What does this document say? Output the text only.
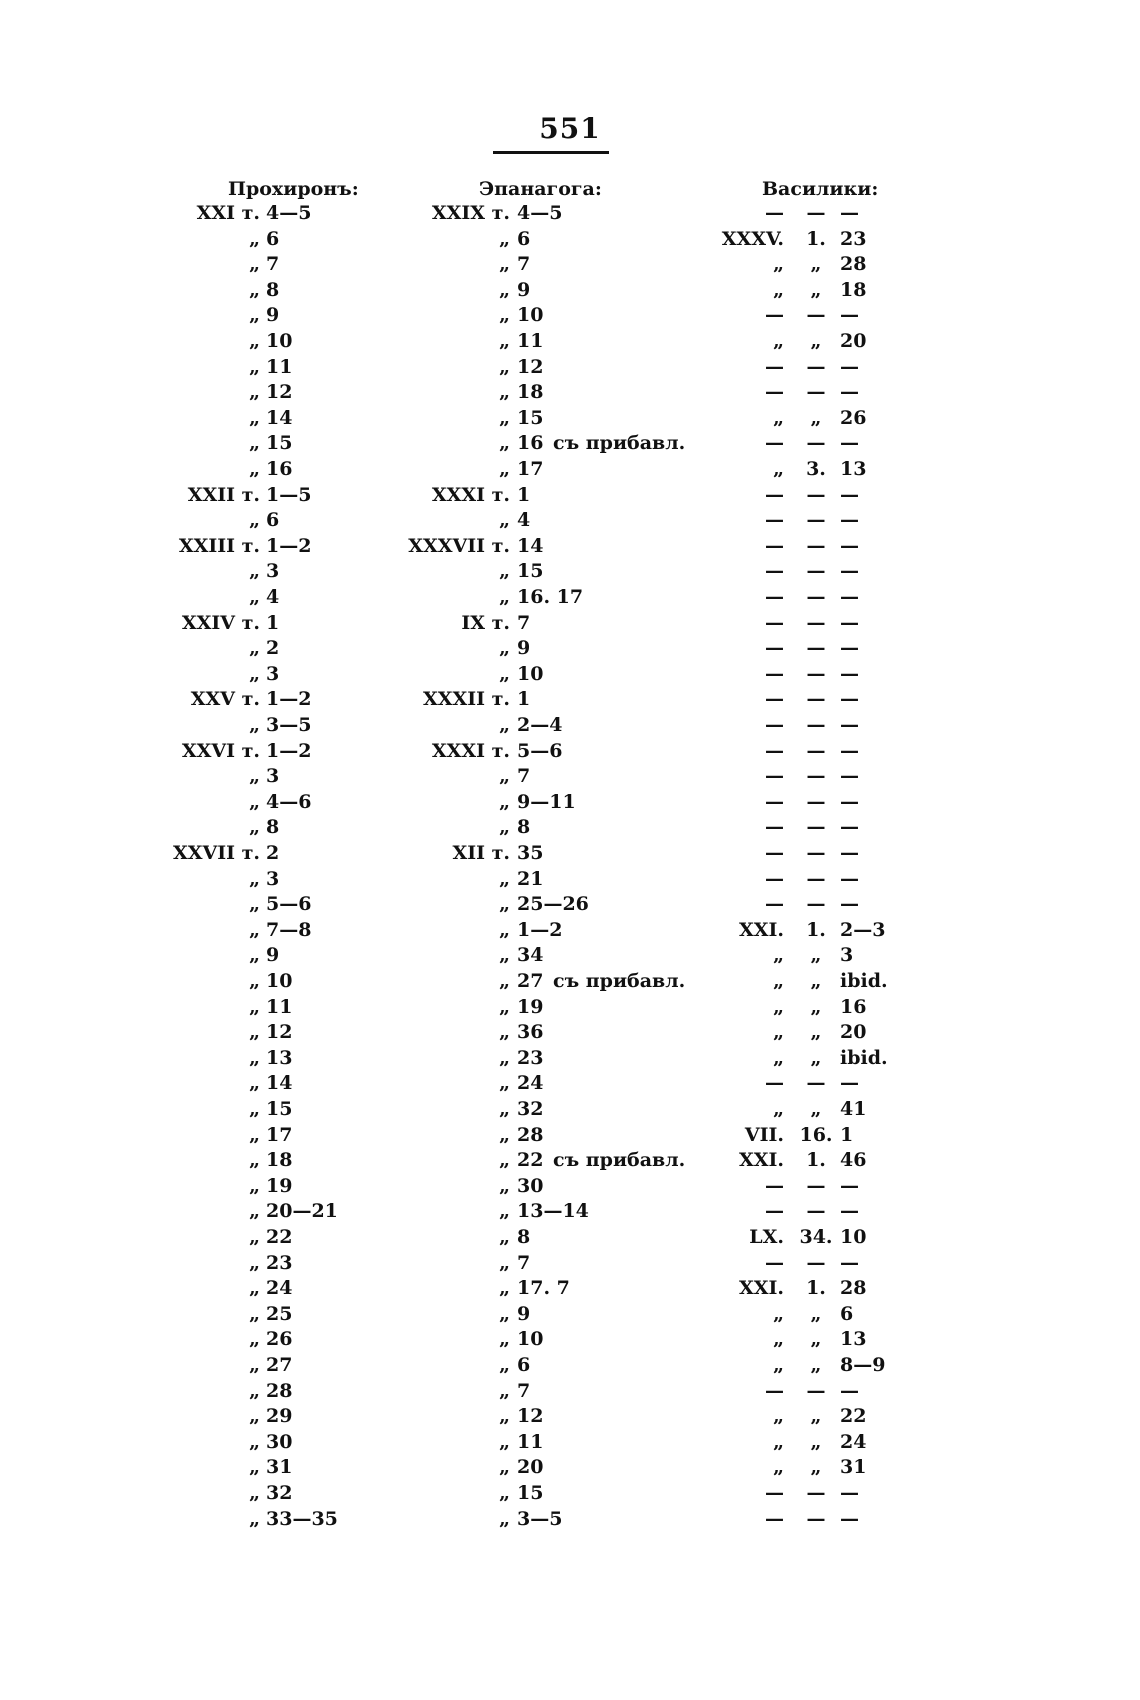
551
Прохиронъ:	Эпанагога:	Василики:
XXI т. 4—5	XXIX т. 4—5	—	— —
„ 6	„ 6	XXXV.	1. 23
„ 7	„ 7	„	„ 28
„ 8	„ 9	„	„ 18
„ 9	„ 10	—	— —
„ 10	„ 11	„	„ 20
„ 11	„ 12	—	— —
„ 12	„ 18	—	— —
„ 14	„ 15	„	„ 26
„ 15	„ 16 съ прибавл.	—	— —
„ 16	„ 17	„	3. 13
XXII т. 1—5	XXXI т. 1	—	— —
„ 6	„ 4	—	— —
XXIII т. 1—2	XXXVII т. 14	—	— —
„ 3	„ 15	—	— —
„ 4	„ 16. 17	—	— —
XXIV т. 1	IX т. 7	—	— —
„ 2	„ 9	—	— —
„ 3	„ 10	—	— —
XXV т. 1—2	XXXII т. 1	—	— —
„ 3—5	„ 2—4	—	— —
XXVI т. 1—2	XXXI т. 5—6	—	— —
„ 3	„ 7	—	— —
„ 4—6	„ 9—11	—	— —
„ 8	„ 8	—	— —
XXVII т. 2	XII т. 35	—	— —
„ 3	„ 21	—	— —
„ 5—6	„ 25—26	—	— —
„ 7—8	„ 1—2	XXI.	1. 2—3
„ 9	„ 34	„	„ 3
„ 10	„ 27 съ прибавл.	„	„ ibid.
„ 11	„ 19	„	„ 16
„ 12	„ 36	„	„ 20
„ 13	„ 23	„	„ ibid.
„ 14	„ 24	—	— —
„ 15	„ 32	„	„ 41
„ 17	„ 28	VII. 16. 1
„ 18	„ 22 съ прибавл.	XXI.	1. 46
„ 19	„ 30	—	— —
„ 20—21	„ 13—14	—	— —
„ 22	„ 8	LX. 34. 10
„ 23	„ 7	—	— —
„ 24	„ 17. 7	XXI.	1. 28
„ 25	„ 9	„	„ 6
„ 26	„ 10	„	„ 13
„ 27	„ 6	„	„ 8—9
„ 28	„ 7	—	— —
„ 29	„ 12	„	„ 22
„ 30	„ 11	„	„ 24
„ 31	„ 20	„	„ 31
„ 32	„ 15	—	— —
„ 33—35	„ 3—5	—	— —
